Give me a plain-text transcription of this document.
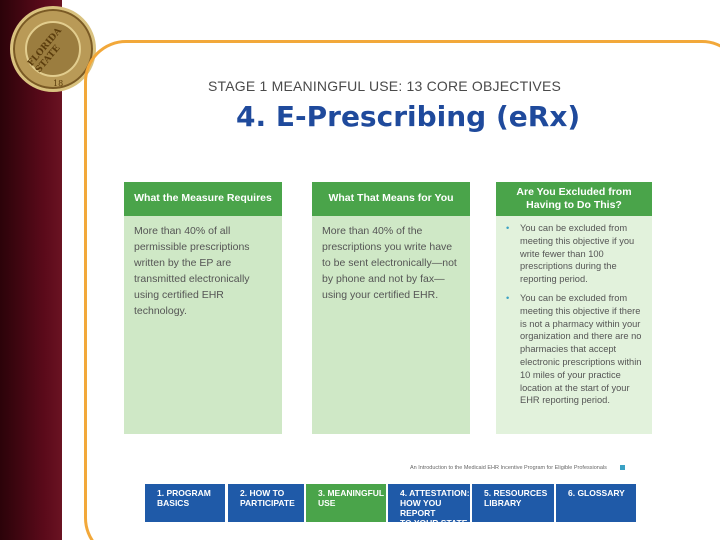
FLORIDA STATE
18	STAGE 1 MEANINGFUL USE: 13 CORE OBJECTIVES
4. E-Prescribing (eRx)
What the Measure Requires
More than 40% of all permissible prescriptions written by the EP are transmitted electronically using certified EHR technology.
What That Means for You
More than 40% of the prescriptions you write have to be sent electronically—not by phone and not by fax—using your certified EHR.
Are You Excluded from Having to Do This?
• You can be excluded from meeting this objective if you write fewer than 100 prescriptions during the reporting period.
• You can be excluded from meeting this objective if there is not a pharmacy within your organization and there are no pharmacies that accept electronic prescriptions within 10 miles of your practice location at the start of your EHR reporting period.
An Introduction to the Medicaid EHR Incentive Program for Eligible Professionals
1. PROGRAM
BASICS
2. HOW TO
PARTICIPATE
3. MEANINGFUL
USE
4. ATTESTATION:
HOW YOU REPORT
TO YOUR STATE
5. RESOURCES
LIBRARY
6. GLOSSARY
